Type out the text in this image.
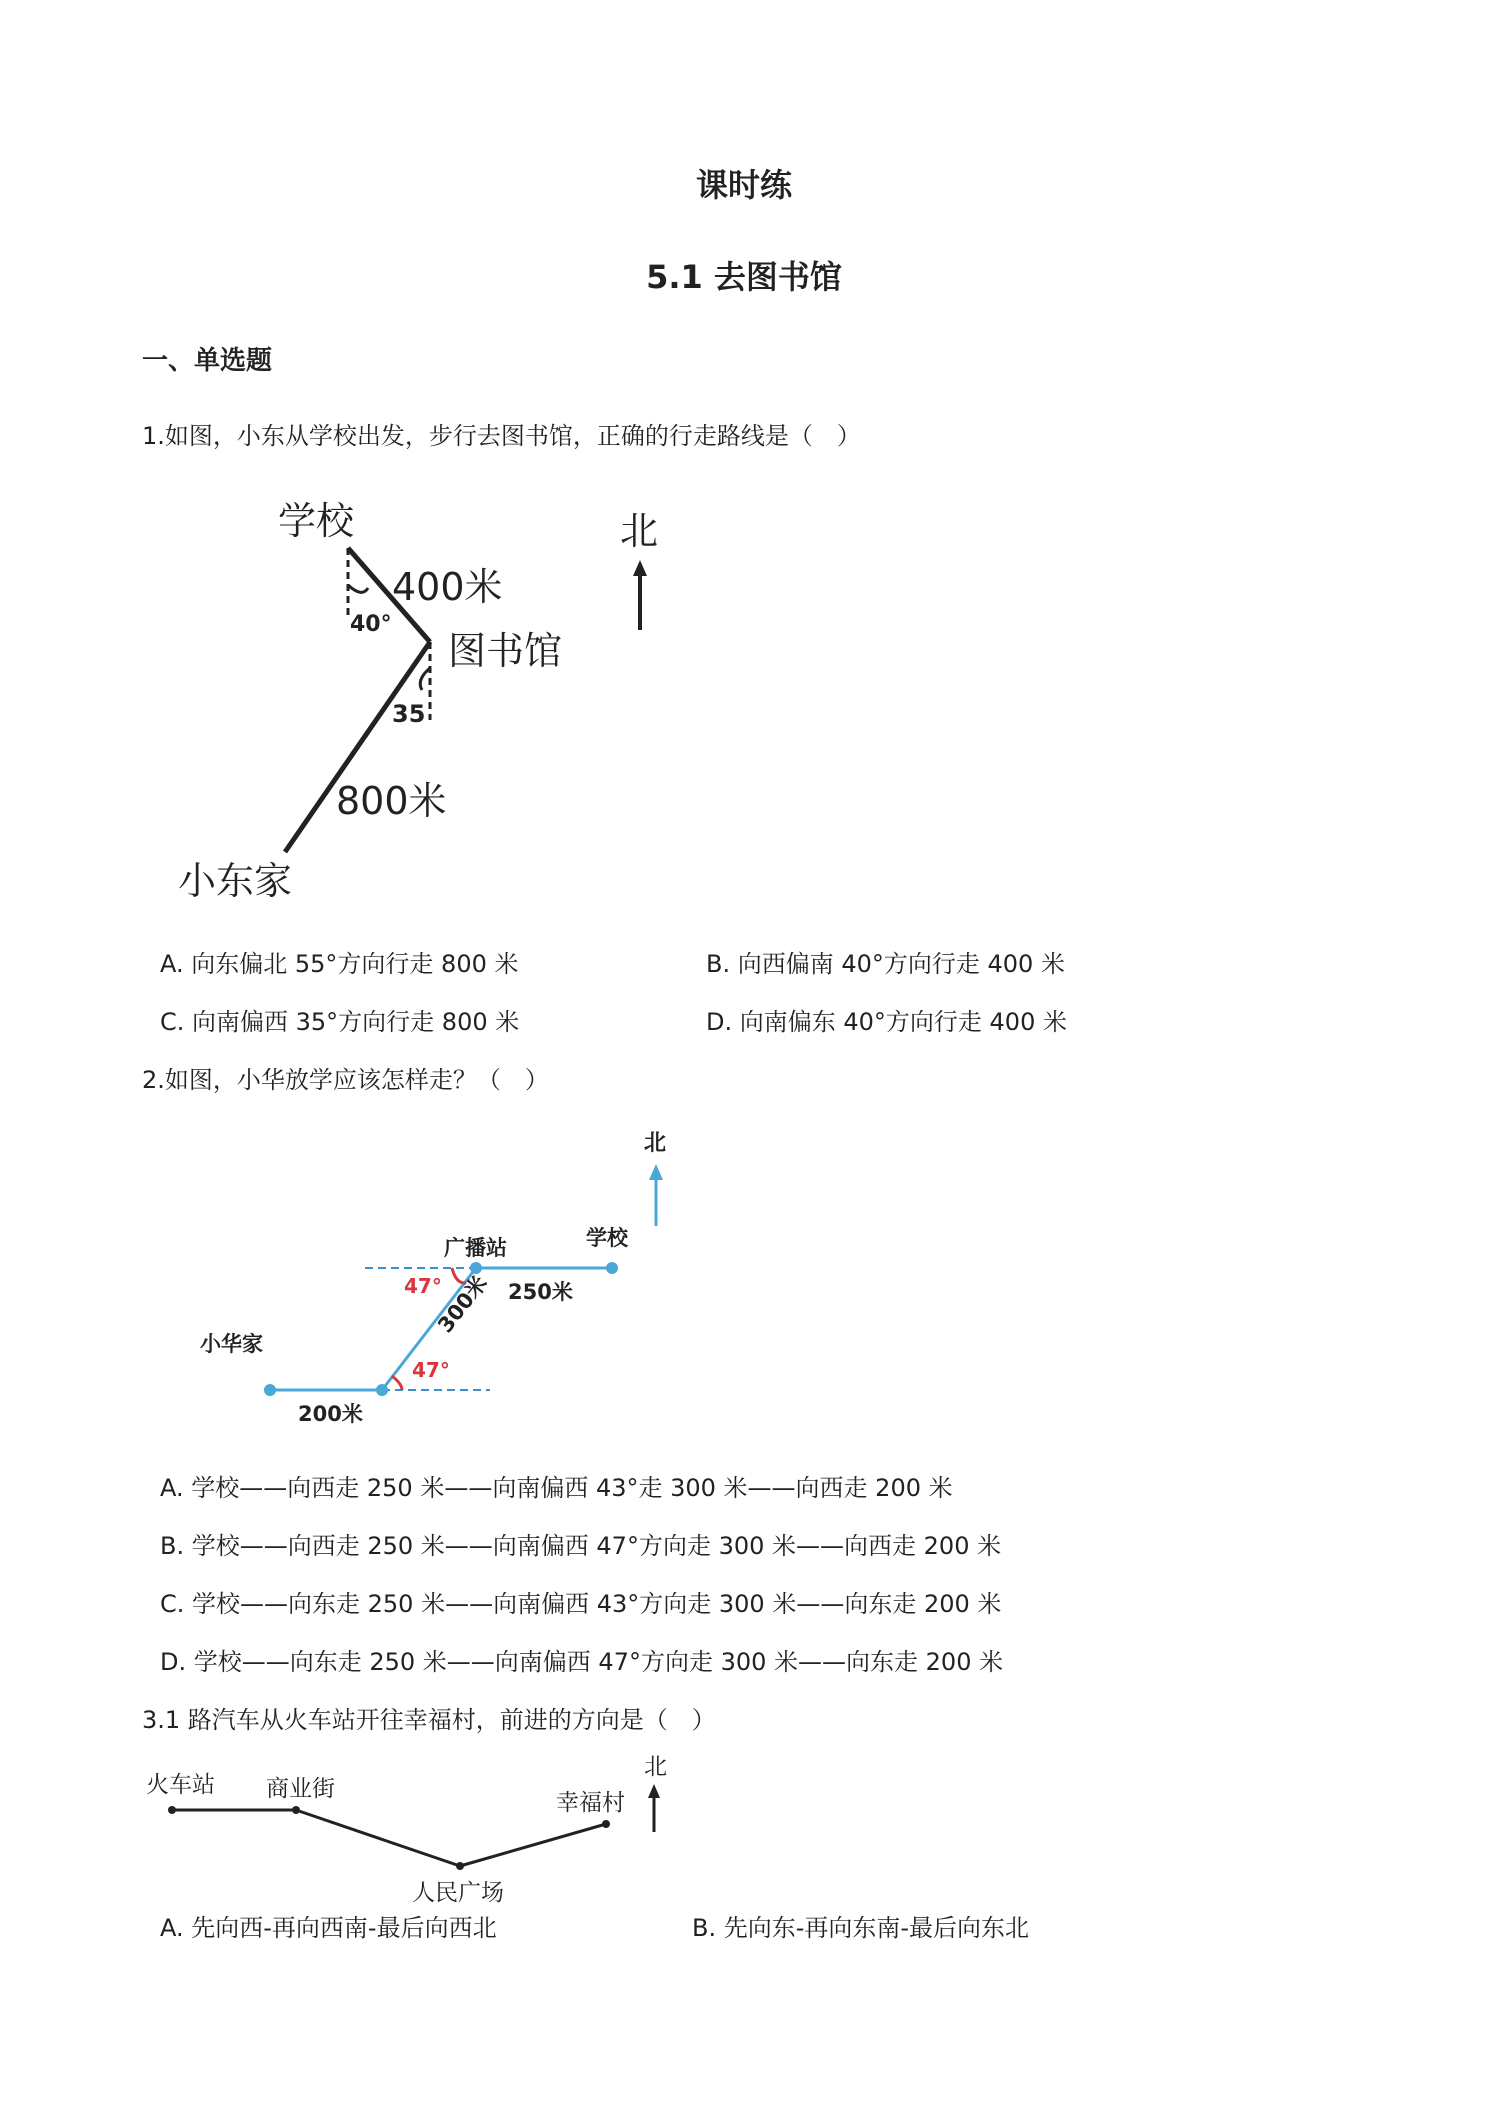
课时练
5.1 去图书馆
一、单选题
1.如图，小东从学校出发，步行去图书馆，正确的行走路线是（　）
学校
400米
40°
图书馆
35
800米
小东家
北
A. 向东偏北 55°方向行走 800 米	B. 向西偏南 40°方向行走 400 米
C. 向南偏西 35°方向行走 800 米	D. 向南偏东 40°方向行走 400 米
2.如图，小华放学应该怎样走？（　）
北
广播站	学校
47°	250米
300米
47°
小华家
200米
A. 学校——向西走 250 米——向南偏西 43°走 300 米——向西走 200 米
B. 学校——向西走 250 米——向南偏西 47°方向走 300 米——向西走 200 米
C. 学校——向东走 250 米——向南偏西 43°方向走 300 米——向东走 200 米
D. 学校——向东走 250 米——向南偏西 47°方向走 300 米——向东走 200 米
3.1 路汽车从火车站开往幸福村，前进的方向是（　）
火车站 商业街
人民广场
幸福村
北
A. 先向西-再向西南-最后向西北	B. 先向东-再向东南-最后向东北
